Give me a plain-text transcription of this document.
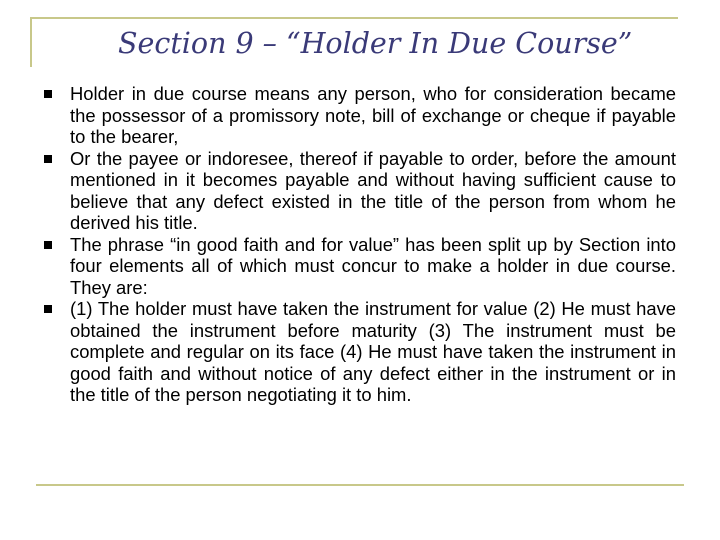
Section 9 – “Holder In Due Course”
Holder in due course means any person, who for consideration became the possessor of a promissory note, bill of exchange or cheque if payable to the bearer,
Or the payee or indoresee, thereof if payable to order, before the amount mentioned in it becomes payable and without having sufficient cause to believe that any defect existed in the title of the person from whom he derived his title.
The phrase “in good faith and for value” has been split up by Section into four elements all of which must concur to make a holder in due course. They are:
(1) The holder must have taken the instrument for value (2) He must have obtained the instrument before maturity (3) The instrument must be complete and regular on its face (4) He must have taken the instrument in good faith and without notice of any defect either in the instrument or in the title of the person negotiating it to him.
